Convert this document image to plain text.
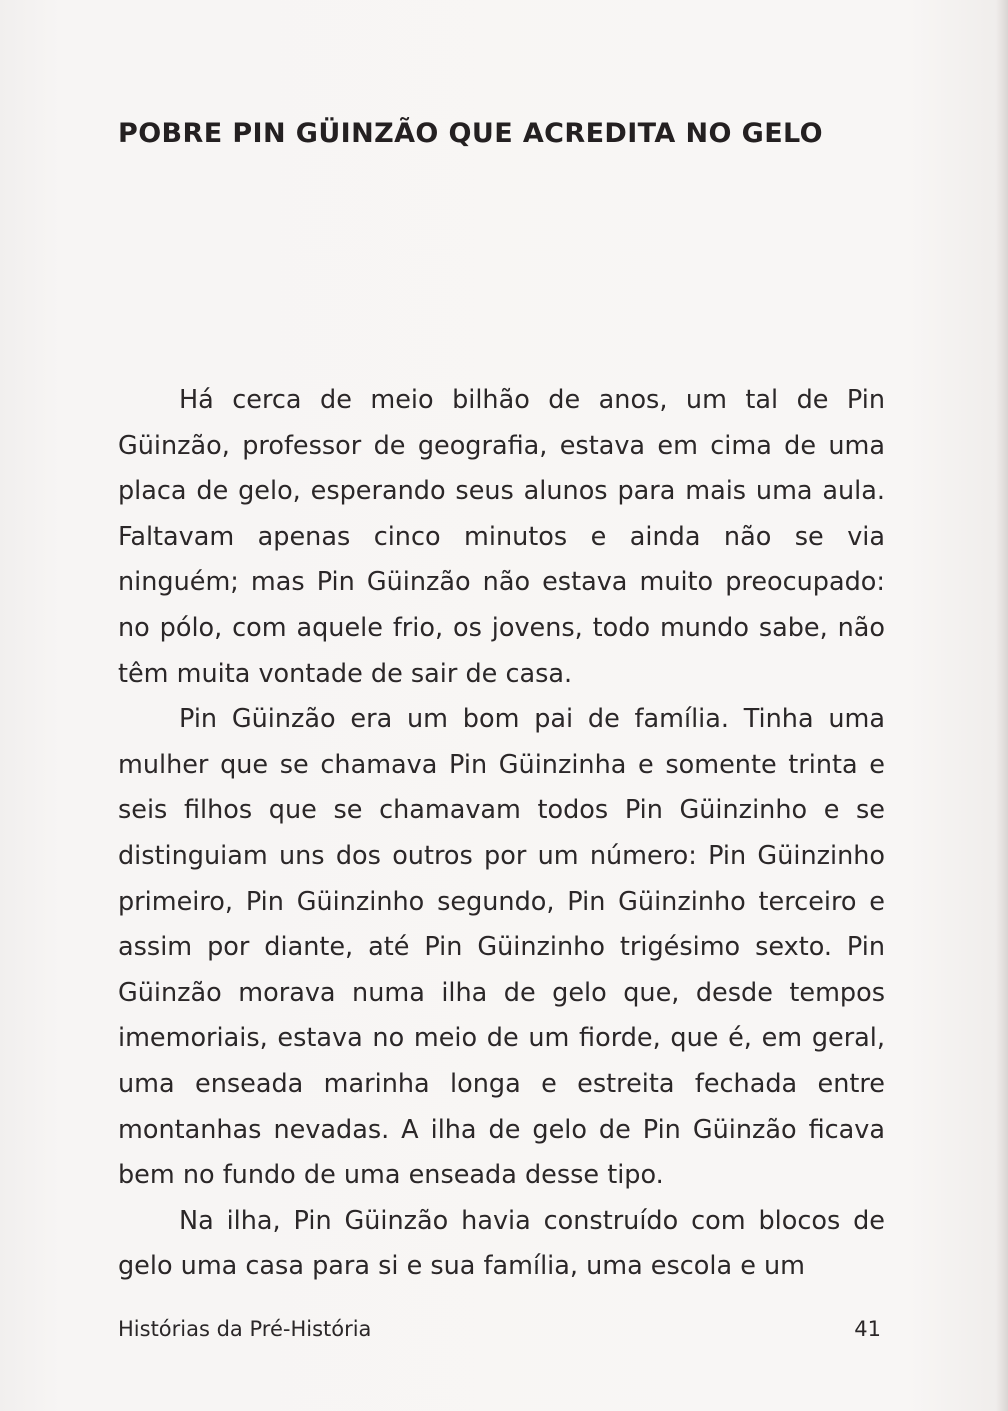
POBRE PIN GÜINZÃO QUE ACREDITA NO GELO

Há cerca de meio bilhão de anos, um tal de Pin Güinzão, professor de geografia, estava em cima de uma placa de gelo, esperando seus alunos para mais uma aula. Faltavam apenas cinco minutos e ainda não se via ninguém; mas Pin Güinzão não estava muito preocupado: no pólo, com aquele frio, os jovens, todo mundo sabe, não têm muita vontade de sair de casa.

Pin Güinzão era um bom pai de família. Tinha uma mulher que se chamava Pin Güinzinha e somente trinta e seis filhos que se chamavam todos Pin Güinzinho e se distinguiam uns dos outros por um número: Pin Güinzinho primeiro, Pin Güinzinho segundo, Pin Güinzinho terceiro e assim por diante, até Pin Güinzinho trigésimo sexto. Pin Güinzão morava numa ilha de gelo que, desde tempos imemoriais, estava no meio de um fiorde, que é, em geral, uma enseada marinha longa e estreita fechada entre montanhas nevadas. A ilha de gelo de Pin Güinzão ficava bem no fundo de uma enseada desse tipo.

Na ilha, Pin Güinzão havia construído com blocos de gelo uma casa para si e sua família, uma escola e um

Histórias da Pré-História	41
